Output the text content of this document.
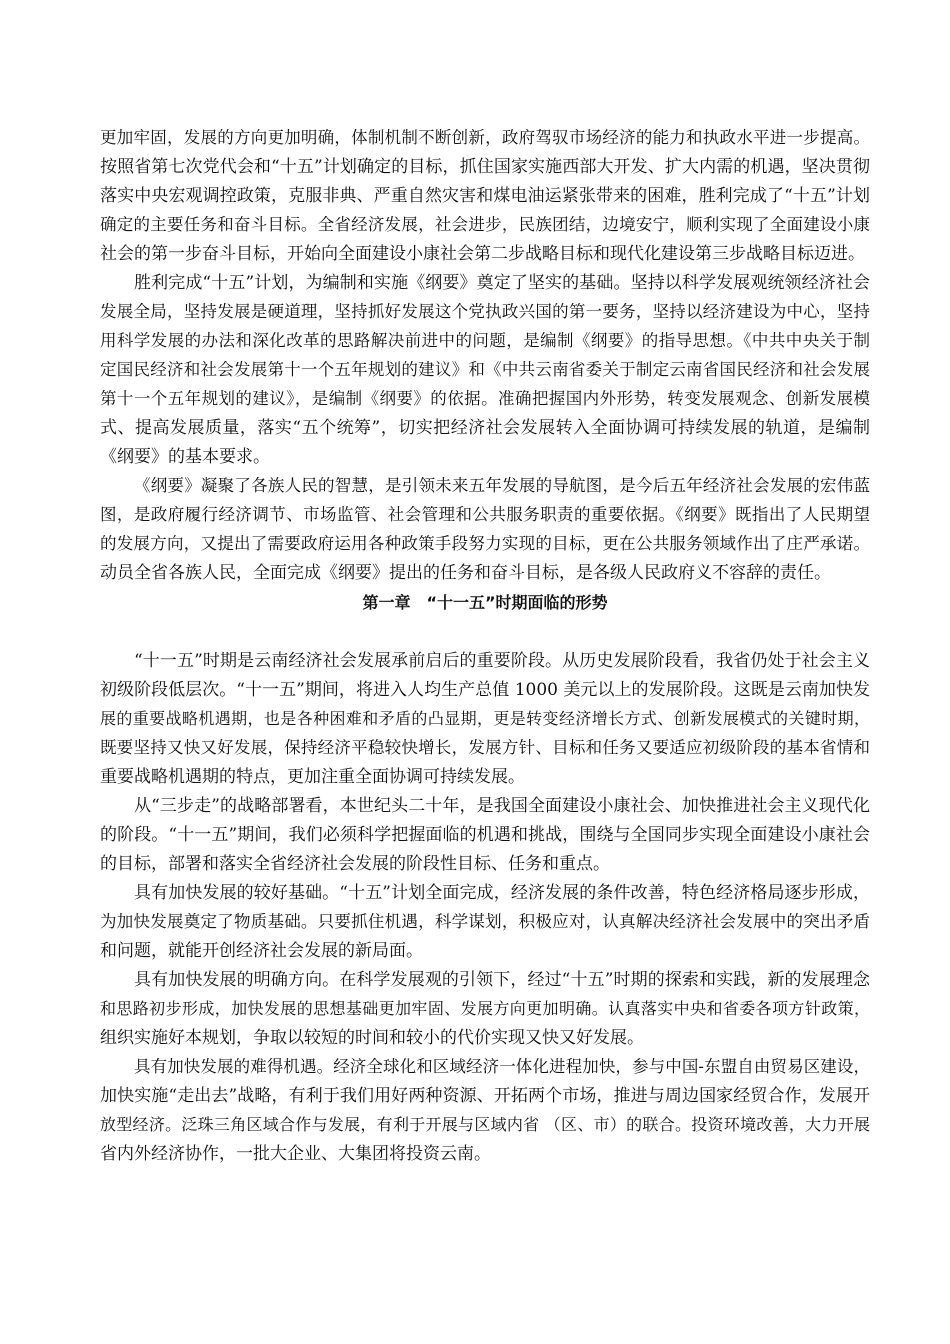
更加牢固，发展的方向更加明确，体制机制不断创新，政府驾驭市场经济的能力和执政水平进一步提高。
按照省第七次党代会和“十五”计划确定的目标，抓住国家实施西部大开发、扩大内需的机遇，坚决贯彻
落实中央宏观调控政策，克服非典、严重自然灾害和煤电油运紧张带来的困难，胜利完成了“十五”计划
确定的主要任务和奋斗目标。全省经济发展，社会进步，民族团结，边境安宁，顺利实现了全面建设小康
社会的第一步奋斗目标，开始向全面建设小康社会第二步战略目标和现代化建设第三步战略目标迈进。
胜利完成“十五”计划，为编制和实施《纲要》奠定了坚实的基础。坚持以科学发展观统领经济社会
发展全局，坚持发展是硬道理，坚持抓好发展这个党执政兴国的第一要务，坚持以经济建设为中心，坚持
用科学发展的办法和深化改革的思路解决前进中的问题，是编制《纲要》的指导思想。《中共中央关于制
定国民经济和社会发展第十一个五年规划的建议》和《中共云南省委关于制定云南省国民经济和社会发展
第十一个五年规划的建议》，是编制《纲要》的依据。准确把握国内外形势，转变发展观念、创新发展模
式、提高发展质量，落实“五个统筹”，切实把经济社会发展转入全面协调可持续发展的轨道，是编制
《纲要》的基本要求。
《纲要》凝聚了各族人民的智慧，是引领未来五年发展的导航图，是今后五年经济社会发展的宏伟蓝
图，是政府履行经济调节、市场监管、社会管理和公共服务职责的重要依据。《纲要》既指出了人民期望
的发展方向，又提出了需要政府运用各种政策手段努力实现的目标，更在公共服务领域作出了庄严承诺。
动员全省各族人民，全面完成《纲要》提出的任务和奋斗目标，是各级人民政府义不容辞的责任。
第一章　“十一五”时期面临的形势
“十一五”时期是云南经济社会发展承前启后的重要阶段。从历史发展阶段看，我省仍处于社会主义
初级阶段低层次。“十一五”期间，将进入人均生产总值 1000 美元以上的发展阶段。这既是云南加快发
展的重要战略机遇期，也是各种困难和矛盾的凸显期，更是转变经济增长方式、创新发展模式的关键时期，
既要坚持又快又好发展，保持经济平稳较快增长，发展方针、目标和任务又要适应初级阶段的基本省情和
重要战略机遇期的特点，更加注重全面协调可持续发展。
从“三步走”的战略部署看，本世纪头二十年，是我国全面建设小康社会、加快推进社会主义现代化
的阶段。“十一五”期间，我们必须科学把握面临的机遇和挑战，围绕与全国同步实现全面建设小康社会
的目标，部署和落实全省经济社会发展的阶段性目标、任务和重点。
具有加快发展的较好基础。“十五”计划全面完成，经济发展的条件改善，特色经济格局逐步形成，
为加快发展奠定了物质基础。只要抓住机遇，科学谋划，积极应对，认真解决经济社会发展中的突出矛盾
和问题，就能开创经济社会发展的新局面。
具有加快发展的明确方向。在科学发展观的引领下，经过“十五”时期的探索和实践，新的发展理念
和思路初步形成，加快发展的思想基础更加牢固、发展方向更加明确。认真落实中央和省委各项方针政策，
组织实施好本规划，争取以较短的时间和较小的代价实现又快又好发展。
具有加快发展的难得机遇。经济全球化和区域经济一体化进程加快，参与中国-东盟自由贸易区建设，
加快实施“走出去”战略，有利于我们用好两种资源、开拓两个市场，推进与周边国家经贸合作，发展开
放型经济。泛珠三角区域合作与发展，有利于开展与区域内省 （区、市）的联合。投资环境改善，大力开展
省内外经济协作，一批大企业、大集团将投资云南。
